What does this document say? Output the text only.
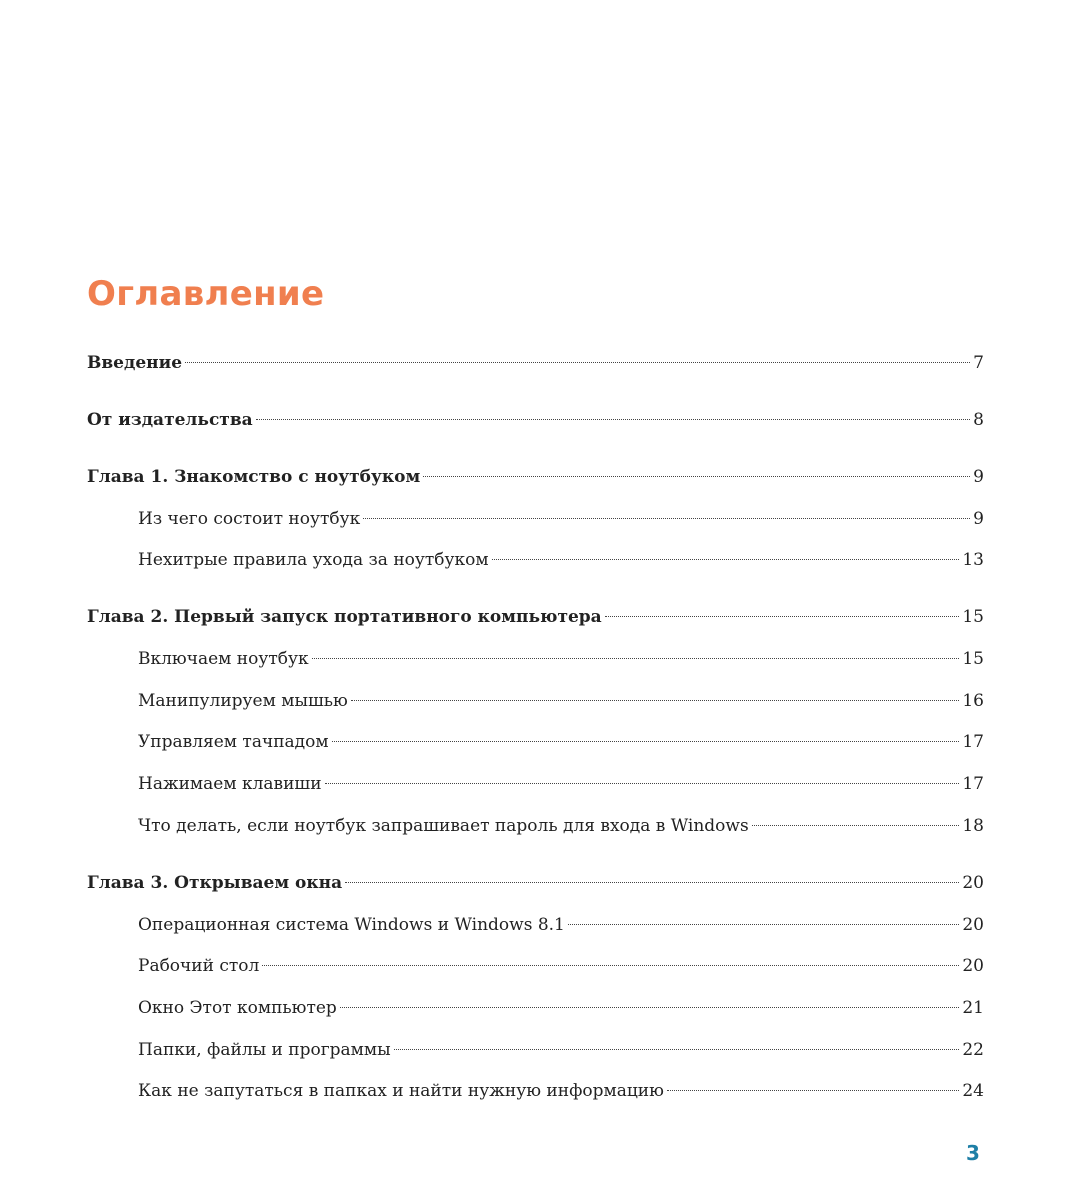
Оглавление
Введение	7
От издательства	8
Глава 1. Знакомство с ноутбуком	9
Из чего состоит ноутбук	9
Нехитрые правила ухода за ноутбуком	13
Глава 2. Первый запуск портативного компьютера	15
Включаем ноутбук	15
Манипулируем мышью	16
Управляем тачпадом	17
Нажимаем клавиши	17
Что делать, если ноутбук запрашивает пароль для входа в Windows	18
Глава 3. Открываем окна	20
Операционная система Windows и Windows 8.1	20
Рабочий стол	20
Окно Этот компьютер	21
Папки, файлы и программы	22
Как не запутаться в папках и найти нужную информацию	24
3
